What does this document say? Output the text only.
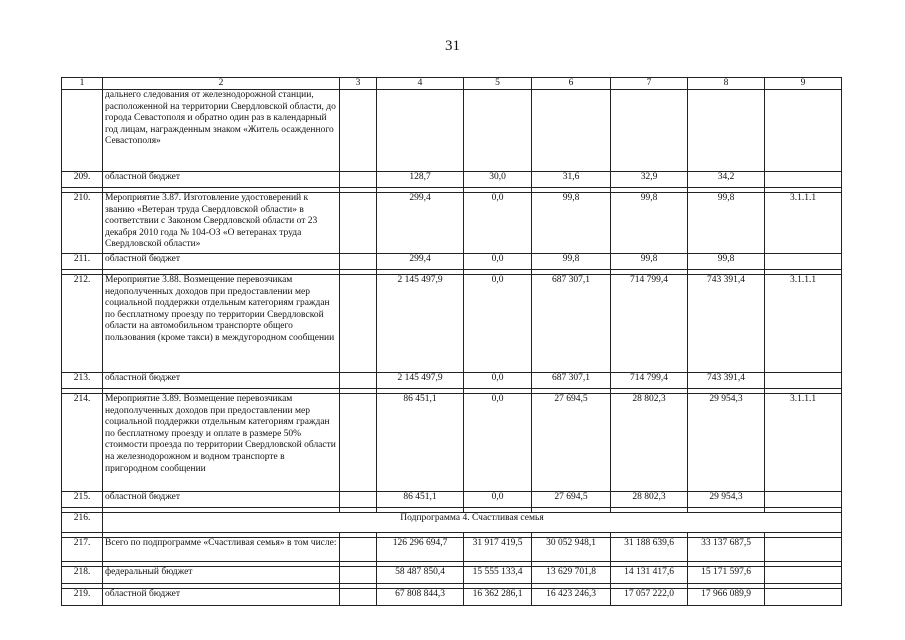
31
1	2	3	4	5	6	7	8	9
	дальнего следования от железнодорожной станции, расположенной на территории Свердловской области, до города Севастополя и обратно один раз в календарный год лицам, награжденным знаком «Житель осажденного Севастополя»							
209.	областной бюджет		128,7	30,0	31,6	32,9	34,2	

210.	Мероприятие 3.87. Изготовление удостоверений к званию «Ветеран труда Свердловской области» в соответствии с Законом Свердловской области от 23 декабря 2010 года № 104-ОЗ «О ветеранах труда Свердловской области»		299,4	0,0	99,8	99,8	99,8	3.1.1.1
211.	областной бюджет		299,4	0,0	99,8	99,8	99,8	

212.	Мероприятие 3.88. Возмещение перевозчикам недополученных доходов при предоставлении мер социальной поддержки отдельным категориям граждан по бесплатному проезду по территории Свердловской области на автомобильном транспорте общего пользования (кроме такси) в междугородном сообщении		2 145 497,9	0,0	687 307,1	714 799,4	743 391,4	3.1.1.1
213.	областной бюджет		2 145 497,9	0,0	687 307,1	714 799,4	743 391,4	

214.	Мероприятие 3.89. Возмещение перевозчикам недополученных доходов при предоставлении мер социальной поддержки отдельным категориям граждан по бесплатному проезду и оплате в размере 50% стоимости проезда по территории Свердловской области на железнодорожном и водном транспорте в пригородном сообщении		86 451,1	0,0	27 694,5	28 802,3	29 954,3	3.1.1.1
215.	областной бюджет		86 451,1	0,0	27 694,5	28 802,3	29 954,3	

216.	Подпрограмма 4. Счастливая семья							

217.	Всего по подпрограмме «Счастливая семья» в том числе:		126 296 694,7	31 917 419,5	30 052 948,1	31 188 639,6	33 137 687,5	

218.	федеральный бюджет		58 487 850,4	15 555 133,4	13 629 701,8	14 131 417,6	15 171 597,6	

219.	областной бюджет		67 808 844,3	16 362 286,1	16 423 246,3	17 057 222,0	17 966 089,9	
